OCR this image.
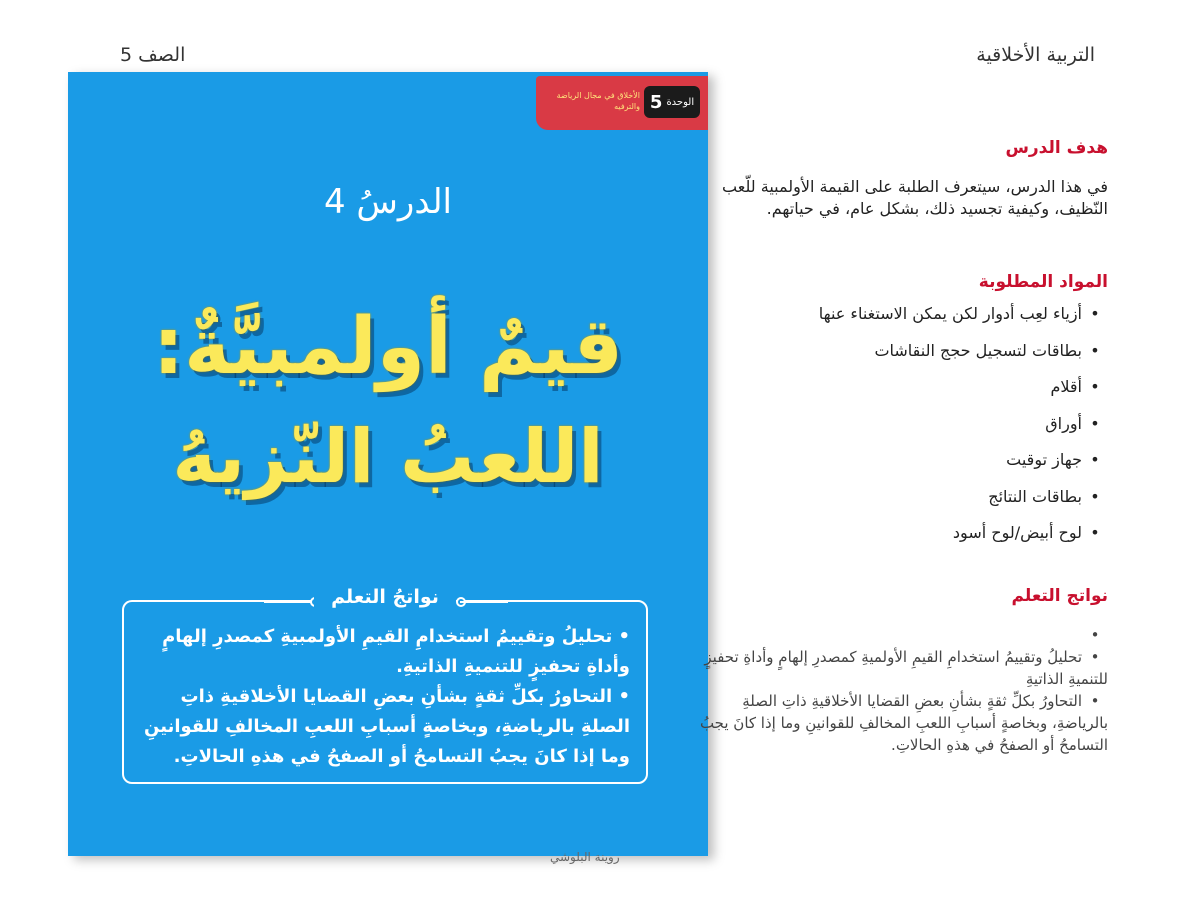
الصف 5	التربية الأخلاقية
الوحدة
5
الأخلاق في مجال الرياضة والترفيه
الدرسُ 4
قيمٌ أولمبيَّةٌ:
اللعبُ النّزيهُ
نواتجُ التعلم
• تحليلُ وتقييمُ استخدامِ القيمِ الأولمبيةِ كمصدرِ إلهامٍ وأداةِ تحفيزٍ للتنميةِ الذاتيةِ.
• التحاورُ بكلِّ ثقةٍ بشأنِ بعضِ القضايا الأخلاقيةِ ذاتِ الصلةِ بالرياضةِ، وبخاصةٍ أسبابِ اللعبِ المخالفِ للقوانينِ وما إذا كانَ يجبُ التسامحُ أو الصفحُ في هذهِ الحالاتِ.
هدف الدرس
في هذا الدرس، سيتعرف الطلبة على القيمة الأولمبية للّعب النّظيف، وكيفية تجسيد ذلك، بشكل عام، في حياتهم.
المواد المطلوبة
• أزياء لعِب أدوار لكن يمكن الاستغناء عنها
• بطاقات لتسجيل حجج النقاشات
• أقلام
• أوراق
• جهاز توقيت
• بطاقات النتائج
• لوح أبيض/لوح أسود
نواتج التعلم
•
• تحليلُ وتقييمُ استخدامِ القيمِ الأولميةِ كمصدرِ إلهامٍ وأداةِ تحفيزٍ للتنميةِ الذاتيةِ
• التحاورُ بكلِّ ثقةٍ بشأنِ بعضِ القضايا الأخلاقيةِ ذاتِ الصلةِ بالرياضةِ، وبخاصةٍ أسبابِ اللعبِ المخالفِ للقوانينِ وما إذا كانَ يجبُ التسامحُ أو الصفحُ في هذهِ الحالاتِ.
روينة البلوشي
